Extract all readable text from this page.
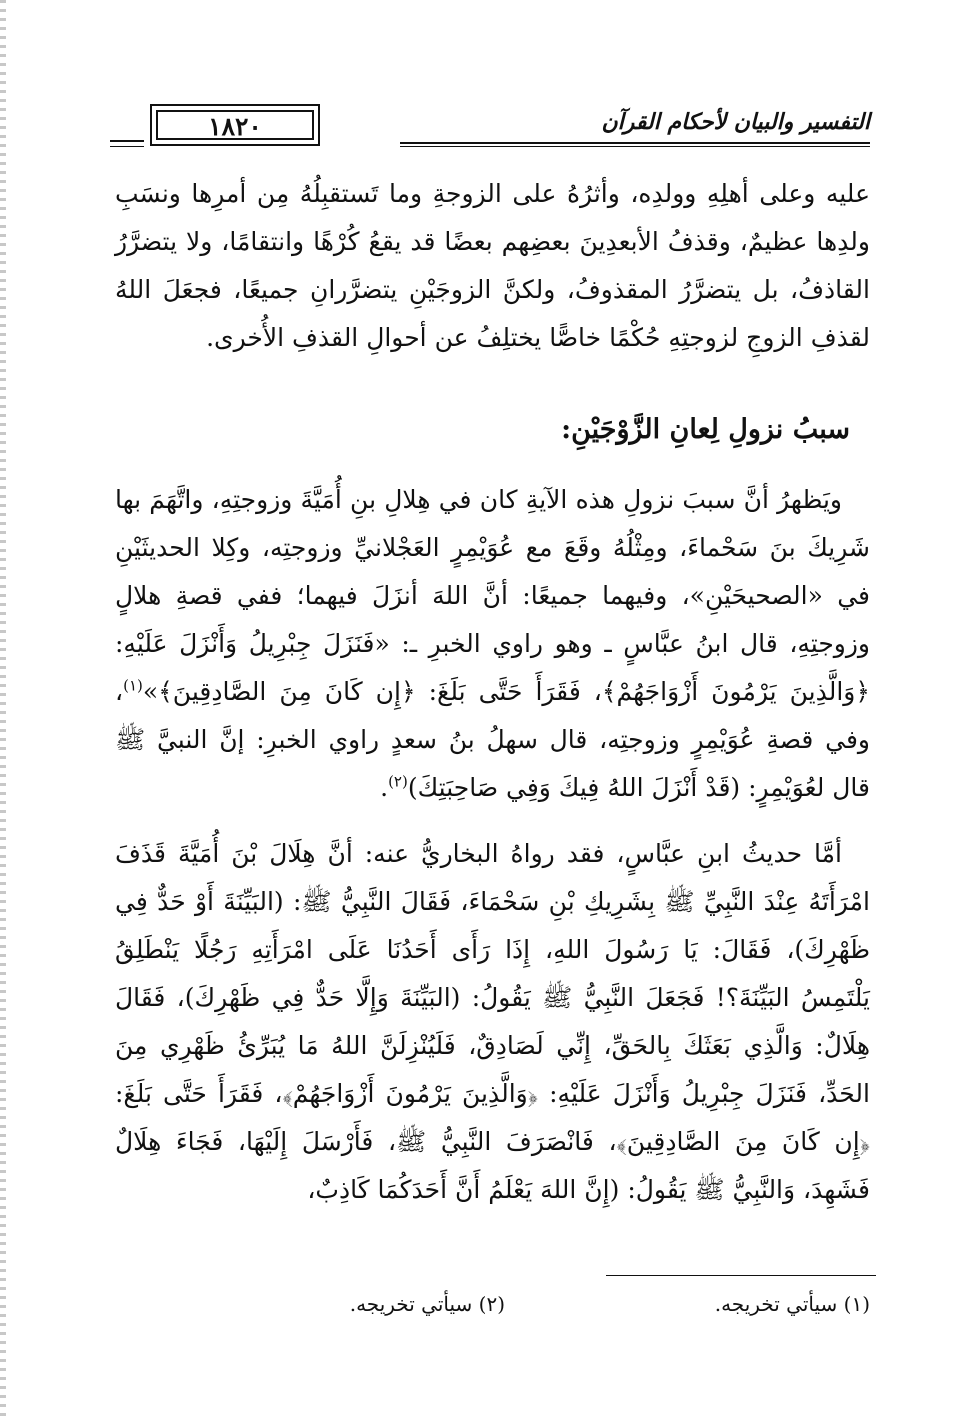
١٨٢٠	التفسير والبيان لأحكام القرآن

عليه وعلى أهلِهِ وولدِه، وأثرُهُ على الزوجةِ وما تَستقبِلُهُ مِن أمرِها ونسَبِ ولدِها عظيمٌ، وقذفُ الأبعدِينَ بعضِهم بعضًا قد يقعُ كُرْهًا وانتقامًا، ولا يتضرَّرُ القاذفُ، بل يتضرَّرُ المقذوفُ، ولكنَّ الزوجَيْنِ يتضرَّرانِ جميعًا، فجعَلَ اللهُ لقذفِ الزوجِ لزوجتِهِ حُكْمًا خاصًّا يختلِفُ عن أحوالِ القذفِ الأُخرى.

سببُ نزولِ لِعانِ الزَّوْجَيْنِ:

ويَظهرُ أنَّ سببَ نزولِ هذه الآيةِ كان في هِلالِ بنِ أُمَيَّةَ وزوجتِهِ، واتَّهَمَ بها شَرِيكَ بنَ سَحْماءَ، ومِثْلُهُ وقَعَ مع عُوَيْمِرٍ العَجْلانيِّ وزوجتِه، وكِلا الحديثَيْنِ في «الصحيحَيْنِ»، وفيهما جميعًا: أنَّ اللهَ أنزَلَ فيهما؛ ففي قصةِ هلالٍ وزوجتِهِ، قال ابنُ عبَّاسٍ ـ وهو راوي الخبرِ ـ: «فَنَزَلَ جِبْرِيلُ وَأَنْزَلَ عَلَيْهِ: ﴿وَالَّذِينَ يَرْمُونَ أَزْوَاجَهُمْ﴾، فَقَرَأَ حَتَّى بَلَغَ: ﴿إِن كَانَ مِنَ الصَّادِقِينَ﴾»$^{(١)}$، وفي قصةِ عُوَيْمِرٍ وزوجتِه، قال سهلُ بنُ سعدٍ راوي الخبرِ: إنَّ النبيَّ ﷺ قال لعُوَيْمِرٍ: (قَدْ أَنْزَلَ اللهُ فِيكَ وَفِي صَاحِبَتِكَ)$^{(٢)}$.

أمَّا حديثُ ابنِ عبَّاسٍ، فقد رواهُ البخاريُّ عنه: أنَّ هِلَالَ بْنَ أُمَيَّةَ قَذَفَ امْرَأَتَهُ عِنْدَ النَّبِيِّ ﷺ بِشَرِيكِ بْنِ سَحْمَاءَ، فَقَالَ النَّبِيُّ ﷺ: (البَيِّنَةَ أَوْ حَدٌّ فِي ظَهْرِكَ)، فَقَالَ: يَا رَسُولَ اللهِ، إِذَا رَأَى أَحَدُنَا عَلَى امْرَأَتِهِ رَجُلًا يَنْطَلِقُ يَلْتَمِسُ البَيِّنَةَ؟! فَجَعَلَ النَّبِيُّ ﷺ يَقُولُ: (البَيِّنَةَ وَإِلَّا حَدٌّ فِي ظَهْرِكَ)، فَقَالَ هِلَالٌ: وَالَّذِي بَعَثَكَ بِالحَقِّ، إِنِّي لَصَادِقٌ، فَلَيُنْزِلَنَّ اللهُ مَا يُبَرِّئُ ظَهْرِي مِنَ الحَدِّ، فَنَزَلَ جِبْرِيلُ وَأَنْزَلَ عَلَيْهِ: ﴿وَالَّذِينَ يَرْمُونَ أَزْوَاجَهُمْ﴾، فَقَرَأَ حَتَّى بَلَغَ: ﴿إِن كَانَ مِنَ الصَّادِقِينَ﴾، فَانْصَرَفَ النَّبِيُّ ﷺ، فَأَرْسَلَ إِلَيْهَا، فَجَاءَ هِلَالٌ فَشَهِدَ، وَالنَّبِيُّ ﷺ يَقُولُ: (إِنَّ اللهَ يَعْلَمُ أَنَّ أَحَدَكُمَا كَاذِبٌ،

(١) سيأتي تخريجه.
(٢) سيأتي تخريجه.
